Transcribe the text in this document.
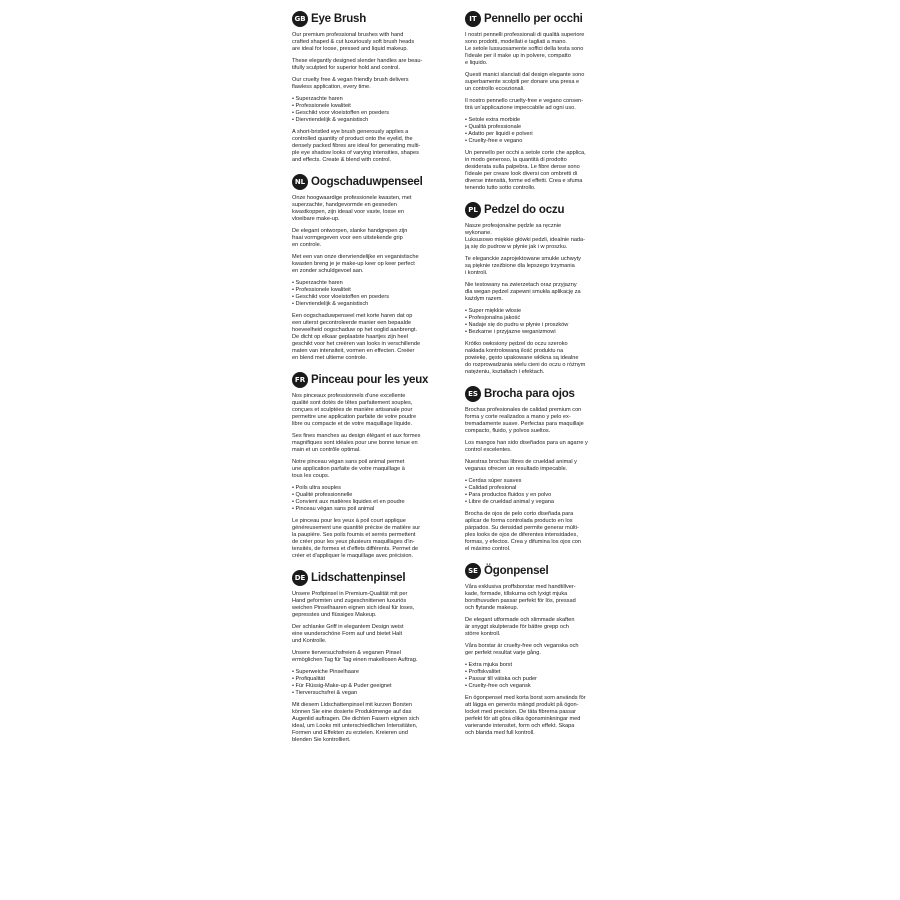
GB Eye Brush

Our premium professional brushes with hand
crafted shaped & cut luxuriously soft brush heads
are ideal for loose, pressed and liquid makeup.

These elegantly designed slender handles are beau-
tifully sculpted for superior hold and control.

Our cruelty free & vegan friendly brush delivers
flawless application, every time.

• Superzachte haren
• Professionele kwaliteit
• Geschikt voor vloeistoffen en poeders
• Diervriendelijk & veganistisch

A short-bristled eye brush generously applies a
controlled quantity of product onto the eyelid, the
densely packed fibres are ideal for generating multi-
ple eye shadow looks of varying intensities, shapes
and effects. Create & blend with control.

NL Oogschaduwpenseel

Onze hoogwaardige professionele kwasten, met
superzachte, handgevormde en gesneden
kwastkoppen, zijn ideaal voor vaste, losse en
vloeibare make-up.

De elegant ontworpen, slanke handgrepen zijn
fraai vormgegeven voor een uitstekende grip
en controle.

Met een van onze diervriendelijke en veganistische
kwasten breng je je make-up keer op keer perfect
en zonder schuldgevoel aan.

• Superzachte haren
• Professionele kwaliteit
• Geschikt voor vloeistoffen en poeders
• Diervriendelijk & veganistisch

Een oogschaduwpenseel met korte haren dat op
een uiterst gecontroleerde manier een bepaalde
hoeveelheid oogschaduw op het ooglid aanbrengt.
De dicht op elkaar geplaatste haartjes zijn heel
geschikt voor het creëren van looks in verschillende
maten van intensiteit, vormen en effecten. Creëer
en blend met ultieme controle.

FR Pinceau pour les yeux

Nos pinceaux professionnels d'une excellente
qualité sont dotés de têtes parfaitement souples,
conçues et sculptées de manière artisanale pour
permettre une application parfaite de votre poudre
libre ou compacte et de votre maquillage liquide.

Ses fines manches au design élégant et aux formes
magnifiques sont idéales pour une bonne tenue en
main et un contrôle optimal.

Notre pinceau végan sans poil animal permet
une application parfaite de votre maquillage à
tous les coups.

• Poils ultra souples
• Qualité professionnelle
• Convient aux matières liquides et en poudre
• Pinceau végan sans poil animal

Le pinceau pour les yeux à poil court applique
généreusement une quantité précise de matière sur
la paupière. Ses poils fournis et serrés permettent
de créer pour les yeux plusieurs maquillages d'in-
tensités, de formes et d'effets différents. Permet de
créer et d'appliquer le maquillage avec précision.

DE Lidschattenpinsel

Unsere Profipinsel in Premium-Qualität mit per
Hand geformten und zugeschnittenen luxuriös
weichen Pinselhaaren eignen sich ideal für loses,
gepresstes und flüssiges Makeup.

Der schlanke Griff in elegantem Design weist
eine wunderschöne Form auf und bietet Halt
und Kontrolle.

Unsere tierversuchsfreien & veganen Pinsel
ermöglichen Tag für Tag einen makellosen Auftrag.

• Superweiche Pinselhaare
• Profiqualität
• Für Flüssig-Make-up & Puder geeignet
• Tierversuchsfrei & vegan

Mit diesem Lidschattenpinsel mit kurzen Borsten
können Sie eine dosierte Produktmenge auf das
Augenlid auftragen. Die dichten Fasern eignen sich
ideal, um Looks mit unterschiedlichen Intensitäten,
Formen und Effekten zu erzielen. Kreieren und
blenden Sie kontrolliert.

IT Pennello per occhi

I nostri pennelli professionali di qualità superiore
sono prodotti, modellati e tagliati a mano.
Le setole lussuosamente soffici della testa sono
l'ideale per il make up in polvere, compatto
e liquido.

Questi manici slanciati dal design elegante sono
superbamente scolpiti per donare una presa e
un controllo eccezionali.

Il nostro pennello cruelty-free e vegano consen-
tirà un'applicazione impeccabile ad ogni uso.

• Setole extra morbide
• Qualità professionale
• Adatto per liquidi e polveri
• Cruelty-free e vegano

Un pennello per occhi a setole corte che applica,
in modo generoso, la quantità di prodotto
desiderata sulla palpebra. Le fibre dense sono
l'ideale per creare look diversi con ombretti di
diverse intensità, forme ed effetti. Crea e sfuma
tenendo tutto sotto controllo.

PL Pedzel do oczu

Nasze profesjonalne pędzle sa ręcznie
wykonane.
Luksusowo miękkie główki pedzli, idealnie nada-
ją się do pudrow w płynie jak i w proszku.

Te eleganckie zaprojektowane smukłe uchwyty
są pięknie rzeźbione dla lepszego trzymania
i kontroli.

Nie testowany na zwierzetach oraz przyjazny
dla wegan pędzel zapewni smukła aplikację za
każdym razem.

• Super miękkie włosie
• Profesjonalna jakość
• Nadaje się do pudru w płynie i proszków
• Bezkarne i przyjazne weganizmowi

Krótko owłosiony pędzel do oczu szeroko
nakłada kontrolowaną ilość produktu na
powiekę, gęsto upakowane włókna są idealne
do rozprowadzania wielu cieni do oczu o różnym
natężeniu, kształtach i efektach.

ES Brocha para ojos

Brochas profesionales de calidad premium con
forma y corte realizados a mano y pelo ex-
tremadamente suave. Perfectas para maquillaje
compacto, fluido, y polvos sueltos.

Los mangos han sido diseñados para un agarre y
control excelentes.

Nuestras brochas libres de crueldad animal y
veganas ofrecen un resultado impecable.

• Cerdas súper suaves
• Calidad profesional
• Para productos fluidos y en polvo
• Libre de crueldad animal y vegana

Brocha de ojos de pelo corto diseñada para
aplicar de forma controlada producto en los
párpados. Su densidad permite generar múlti-
ples looks de ojos de diferentes intensidades,
formas, y efectos. Crea y difumina los ojos con
el máximo control.

SE Ögonpensel

Våra exklusiva proffsborstar med handtillver-
kade, formade, tillskurna och lyxigt mjuka
borsthuvuden passar perfekt för lös, pressad
och flytande makeup.

De elegant utformade och slimmade skaften
är snyggt skulpterade för bättre grepp och
större kontroll.

Våra borstar är cruelty-free och veganska och
ger perfekt resultat varje gång.

• Extra mjuka borst
• Proffskvalitet
• Passar till vätska och puder
• Cruelty-free och vegansk

En ögonpensel med korta borst som används för
att lägga en generös mängd produkt på ögon-
locket med precision. De täta fibrerna passar
perfekt för att göra olika ögonsminkningar med
varierande intensitet, form och effekt. Skapa
och blanda med full kontroll.
